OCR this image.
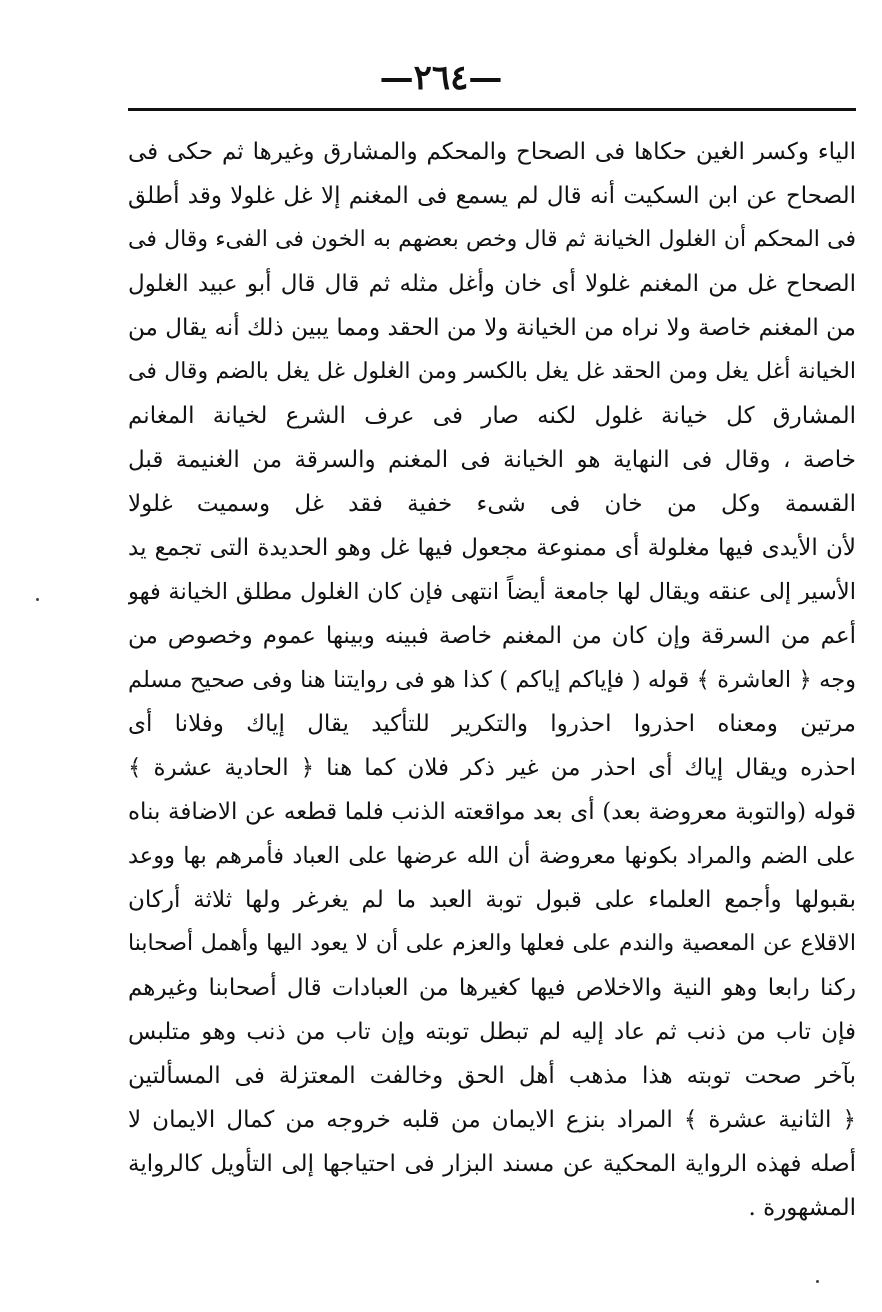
—٢٦٤—
الياء وكسر الغين حكاها فى الصحاح والمحكم والمشارق وغيرها ثم حكى فى
الصحاح عن ابن السكيت أنه قال لم يسمع فى المغنم إلا غل غلولا وقد أطلق
فى المحكم أن الغلول الخيانة ثم قال وخص بعضهم به الخون فى الفىء وقال فى
الصحاح غل من المغنم غلولا أى خان وأغل مثله ثم قال قال أبو عبيد الغلول
من المغنم خاصة ولا نراه من الخيانة ولا من الحقد ومما يبين ذلك أنه يقال من
الخيانة أغل يغل ومن الحقد غل يغل بالكسر ومن الغلول غل يغل بالضم وقال فى
المشارق كل خيانة غلول لكنه صار فى عرف الشرع لخيانة المغانم
خاصة ، وقال فى النهاية هو الخيانة فى المغنم والسرقة من الغنيمة قبل
القسمة وكل من خان فى شىء خفية فقد غل وسميت غلولا
لأن الأيدى فيها مغلولة أى ممنوعة مجعول فيها غل وهو الحديدة التى تجمع يد
الأسير إلى عنقه ويقال لها جامعة أيضاً انتهى فإن كان الغلول مطلق الخيانة فهو
أعم من السرقة وإن كان من المغنم خاصة فبينه وبينها عموم وخصوص من
وجه ﴿ العاشرة ﴾ قوله ( فإياكم إياكم ) كذا هو فى روايتنا هنا وفى صحيح مسلم
مرتين ومعناه احذروا احذروا والتكرير للتأكيد يقال إياك وفلانا أى
احذره ويقال إياك أى احذر من غير ذكر فلان كما هنا ﴿ الحادية عشرة ﴾
قوله (والتوبة معروضة بعد) أى بعد مواقعته الذنب فلما قطعه عن الاضافة بناه
على الضم والمراد بكونها معروضة أن الله عرضها على العباد فأمرهم بها ووعد
بقبولها وأجمع العلماء على قبول توبة العبد ما لم يغرغر ولها ثلاثة أركان
الاقلاع عن المعصية والندم على فعلها والعزم على أن لا يعود اليها وأهمل أصحابنا
ركنا رابعا وهو النية والاخلاص فيها كغيرها من العبادات قال أصحابنا وغيرهم
فإن تاب من ذنب ثم عاد إليه لم تبطل توبته وإن تاب من ذنب وهو متلبس
بآخر صحت توبته هذا مذهب أهل الحق وخالفت المعتزلة فى المسألتين
﴿ الثانية عشرة ﴾ المراد بنزع الايمان من قلبه خروجه من كمال الايمان لا
أصله فهذه الرواية المحكية عن مسند البزار فى احتياجها إلى التأويل كالرواية
المشهورة .
